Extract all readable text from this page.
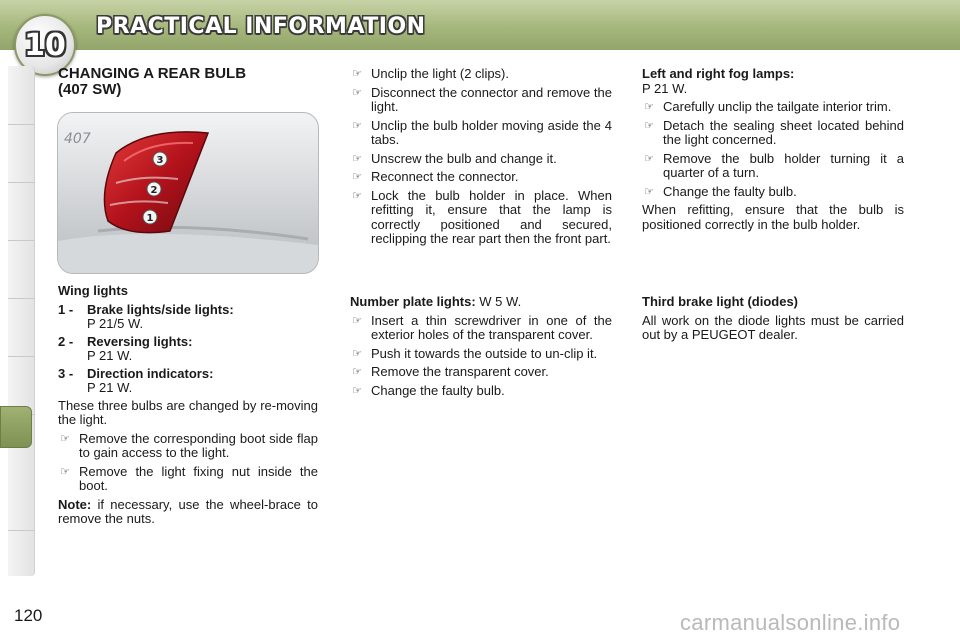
10
PRACTICAL INFORMATION
CHANGING A REAR BULB
(407 SW)
407
3
2
1

Wing lights

1 - Brake lights/side lights:
P 21/5 W.
2 - Reversing lights:
P 21 W.
3 - Direction indicators:
P 21 W.

These three bulbs are changed by re-moving the light.

☞ Remove the corresponding boot side flap to gain access to the light.
☞ Remove the light fixing nut inside the boot.

Note: if necessary, use the wheel-brace to remove the nuts.

☞ Unclip the light (2 clips).
☞ Disconnect the connector and remove the light.
☞ Unclip the bulb holder moving aside the 4 tabs.
☞ Unscrew the bulb and change it.
☞ Reconnect the connector.
☞ Lock the bulb holder in place. When refitting it, ensure that the lamp is correctly positioned and secured, reclipping the rear part then the front part.

Number plate lights: W 5 W.

☞ Insert a thin screwdriver in one of the exterior holes of the transparent cover.
☞ Push it towards the outside to un-clip it.
☞ Remove the transparent cover.
☞ Change the faulty bulb.
Left and right fog lamps:

P 21 W.

☞ Carefully unclip the tailgate interior trim.
☞ Detach the sealing sheet located behind the light concerned.
☞ Remove the bulb holder turning it a quarter of a turn.
☞ Change the faulty bulb.

When refitting, ensure that the bulb is positioned correctly in the bulb holder.

Third brake light (diodes)

All work on the diode lights must be carried out by a PEUGEOT dealer.

120	carmanualsonline.info
